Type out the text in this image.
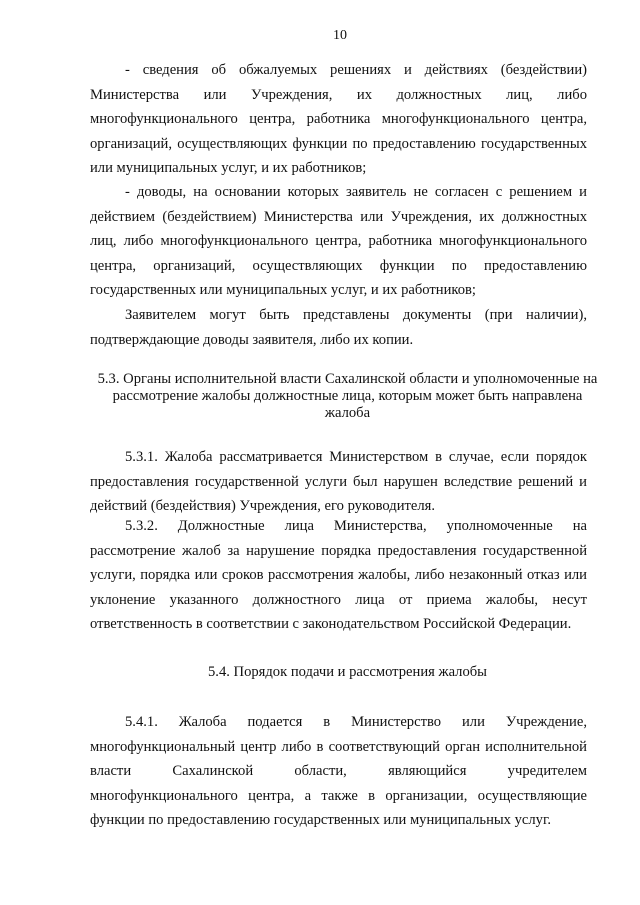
10

- сведения об обжалуемых решениях и действиях (бездействии) Министерства или Учреждения, их должностных лиц, либо многофункционального центра, работника многофункционального центра, организаций, осуществляющих функции по предоставлению государственных или муниципальных услуг, и их работников;

- доводы, на основании которых заявитель не согласен с решением и действием (бездействием) Министерства или Учреждения, их должностных лиц, либо многофункционального центра, работника многофункционального центра, организаций, осуществляющих функции по предоставлению государственных или муниципальных услуг, и их работников;

Заявителем могут быть представлены документы (при наличии), подтверждающие доводы заявителя, либо их копии.

5.3. Органы исполнительной власти Сахалинской области и уполномоченные на рассмотрение жалобы должностные лица, которым может быть направлена жалоба

5.3.1. Жалоба рассматривается Министерством в случае, если порядок предоставления государственной услуги был нарушен вследствие решений и действий (бездействия) Учреждения, его руководителя.

5.3.2. Должностные лица Министерства, уполномоченные на рассмотрение жалоб за нарушение порядка предоставления государственной услуги, порядка или сроков рассмотрения жалобы, либо незаконный отказ или уклонение указанного должностного лица от приема жалобы, несут ответственность в соответствии с законодательством Российской Федерации.

5.4. Порядок подачи и рассмотрения жалобы

5.4.1. Жалоба подается в Министерство или Учреждение, многофункциональный центр либо в соответствующий орган исполнительной власти Сахалинской области, являющийся учредителем многофункционального центра, а также в организации, осуществляющие функции по предоставлению государственных или муниципальных услуг.
